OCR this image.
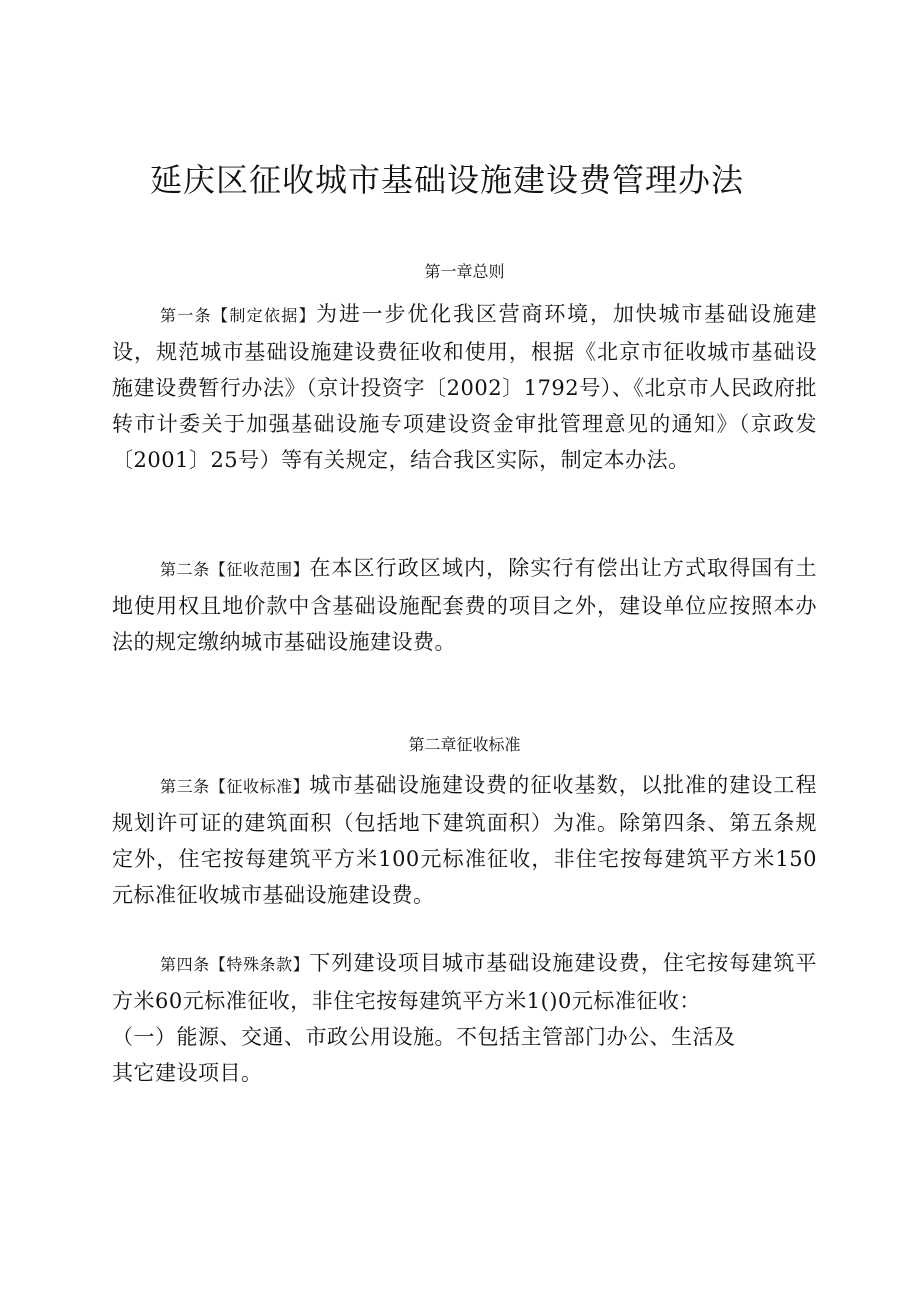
延庆区征收城市基础设施建设费管理办法
第一章总则
第一条【制定依据】为进一步优化我区营商环境，加快城市基础设施建设，规范城市基础设施建设费征收和使用，根据《北京市征收城市基础设施建设费暂行办法》（京计投资字〔2002〕1792号）、《北京市人民政府批转市计委关于加强基础设施专项建设资金审批管理意见的通知》（京政发〔2001〕25号）等有关规定，结合我区实际，制定本办法。
第二条【征收范围】在本区行政区域内，除实行有偿出让方式取得国有土地使用权且地价款中含基础设施配套费的项目之外，建设单位应按照本办法的规定缴纳城市基础设施建设费。
第二章征收标准
第三条【征收标准】城市基础设施建设费的征收基数，以批准的建设工程规划许可证的建筑面积（包括地下建筑面积）为准。除第四条、第五条规定外，住宅按每建筑平方米100元标准征收，非住宅按每建筑平方米150元标准征收城市基础设施建设费。
第四条【特殊条款】下列建设项目城市基础设施建设费，住宅按每建筑平方米60元标准征收，非住宅按每建筑平方米1()0元标准征收：
（一）能源、交通、市政公用设施。不包括主管部门办公、生活及
其它建设项目。
